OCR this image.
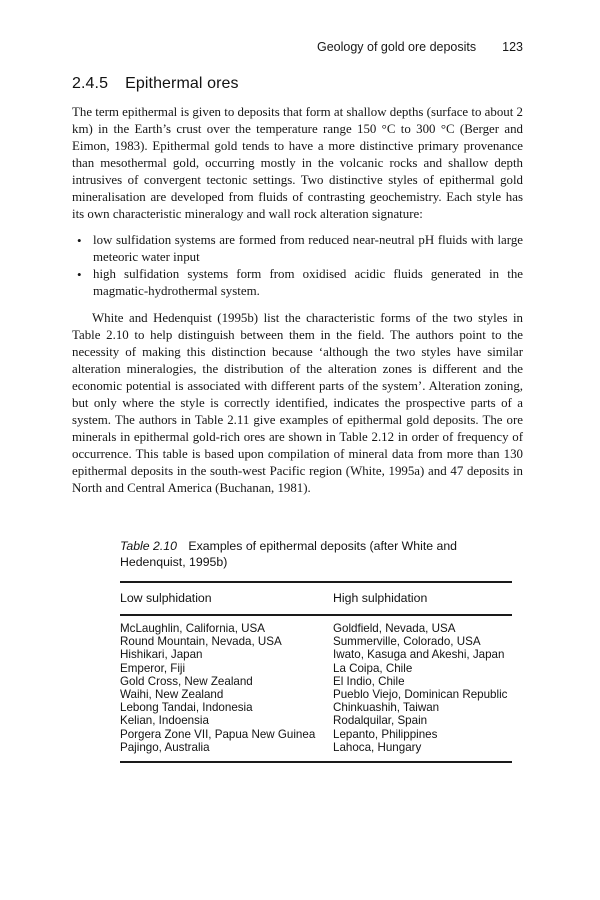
Geology of gold ore deposits 123
2.4.5 Epithermal ores

The term epithermal is given to deposits that form at shallow depths (surface to about 2 km) in the Earth’s crust over the temperature range 150 °C to 300 °C (Berger and Eimon, 1983). Epithermal gold tends to have a more distinctive primary provenance than mesothermal gold, occurring mostly in the volcanic rocks and shallow depth intrusives of convergent tectonic settings. Two distinctive styles of epithermal gold mineralisation are developed from fluids of contrasting geochemistry. Each style has its own characteristic mineralogy and wall rock alteration signature:

• low sulfidation systems are formed from reduced near-neutral pH fluids with large meteoric water input
• high sulfidation systems form from oxidised acidic fluids generated in the magmatic-hydrothermal system.

White and Hedenquist (1995b) list the characteristic forms of the two styles in Table 2.10 to help distinguish between them in the field. The authors point to the necessity of making this distinction because ‘although the two styles have similar alteration mineralogies, the distribution of the alteration zones is different and the economic potential is associated with different parts of the system’. Alteration zoning, but only where the style is correctly identified, indicates the prospective parts of a system. The authors in Table 2.11 give examples of epithermal gold deposits. The ore minerals in epithermal gold-rich ores are shown in Table 2.12 in order of frequency of occurrence. This table is based upon compilation of mineral data from more than 130 epithermal deposits in the south-west Pacific region (White, 1995a) and 47 deposits in North and Central America (Buchanan, 1981).

Table 2.10 Examples of epithermal deposits (after White and Hedenquist, 1995b)

Low sulphidation	High sulphidation
McLaughlin, California, USA	Goldfield, Nevada, USA
Round Mountain, Nevada, USA	Summerville, Colorado, USA
Hishikari, Japan	Iwato, Kasuga and Akeshi, Japan
Emperor, Fiji	La Coipa, Chile
Gold Cross, New Zealand	El Indio, Chile
Waihi, New Zealand	Pueblo Viejo, Dominican Republic
Lebong Tandai, Indonesia	Chinkuashih, Taiwan
Kelian, Indoensia	Rodalquilar, Spain
Porgera Zone VII, Papua New Guinea	Lepanto, Philippines
Pajingo, Australia	Lahoca, Hungary
